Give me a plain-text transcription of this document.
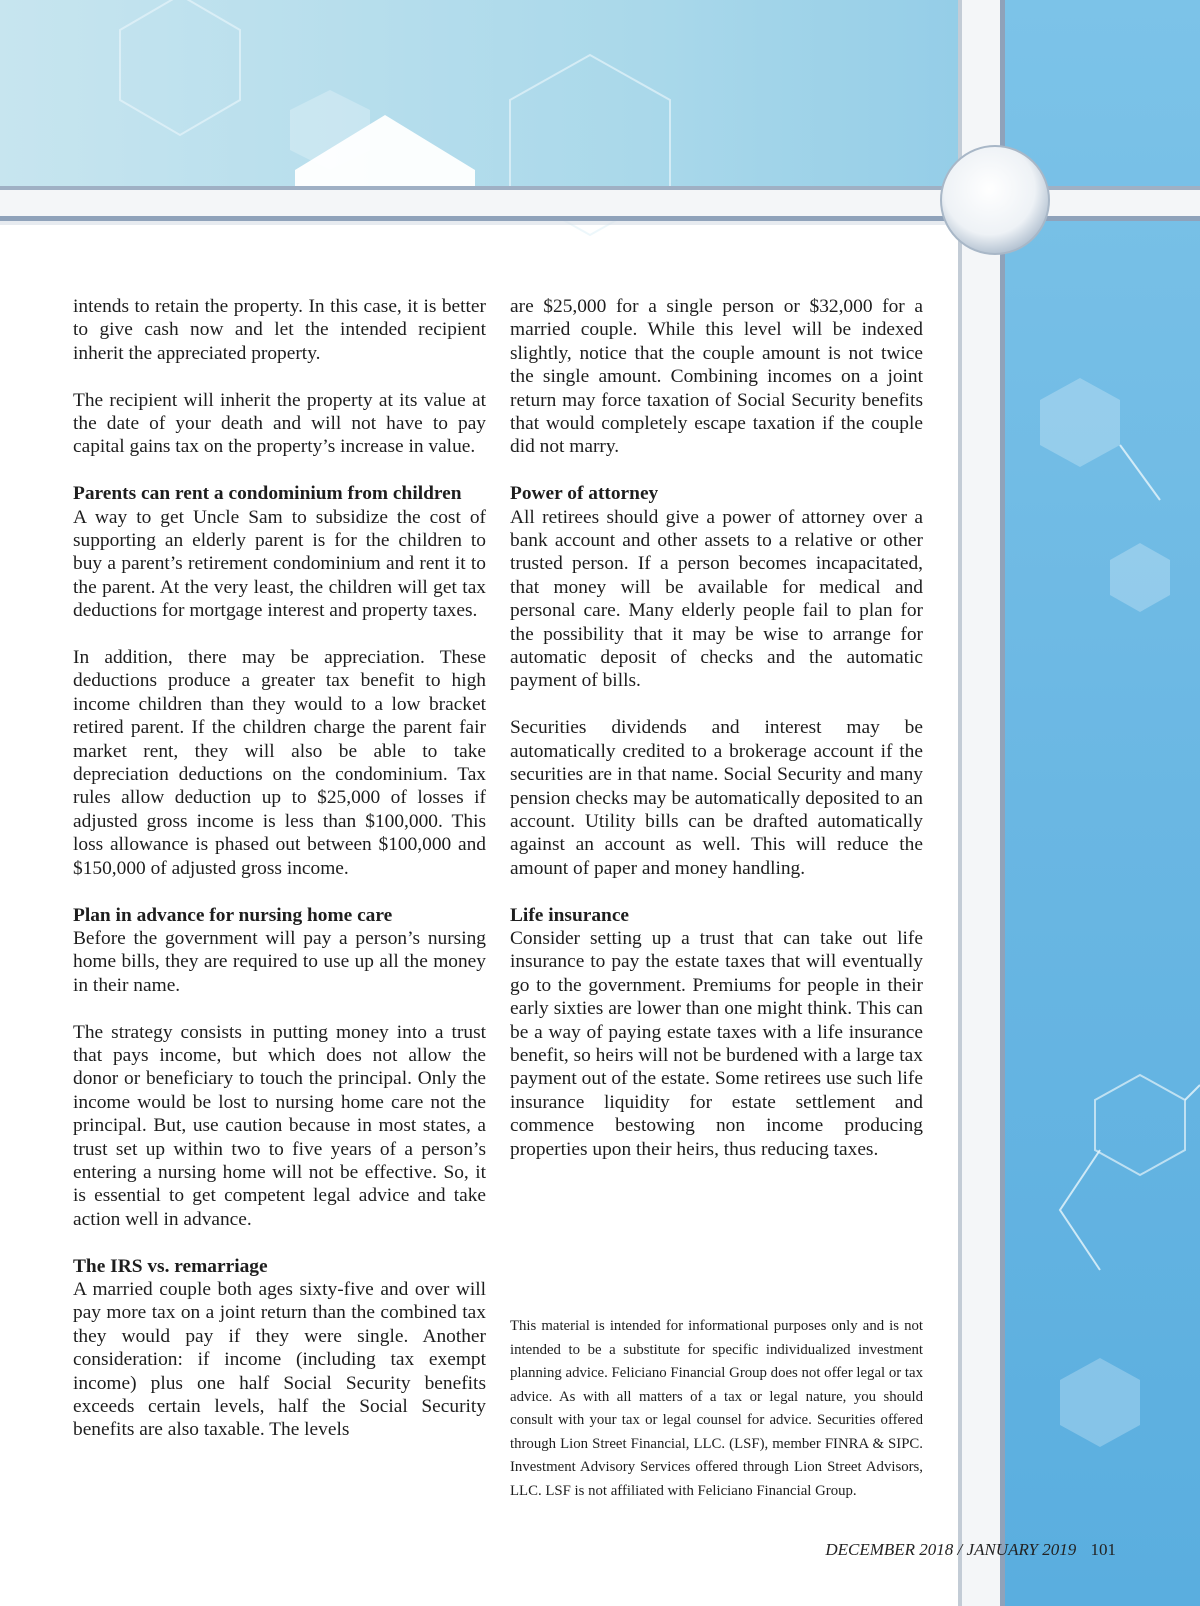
intends to retain the property. In this case, it is better to give cash now and let the intended recipient inherit the appreciated property.

The recipient will inherit the property at its value at the date of your death and will not have to pay capital gains tax on the property’s increase in value.

Parents can rent a condominium from children

A way to get Uncle Sam to subsidize the cost of supporting an elderly parent is for the children to buy a parent’s retirement condominium and rent it to the parent. At the very least, the children will get tax deductions for mortgage interest and property taxes.

In addition, there may be appreciation. These deductions produce a greater tax benefit to high income children than they would to a low bracket retired parent. If the children charge the parent fair market rent, they will also be able to take depreciation deductions on the condominium. Tax rules allow deduction up to $25,000 of losses if adjusted gross income is less than $100,000. This loss allowance is phased out between $100,000 and $150,000 of adjusted gross income.

Plan in advance for nursing home care

Before the government will pay a person’s nursing home bills, they are required to use up all the money in their name.

The strategy consists in putting money into a trust that pays income, but which does not allow the donor or beneficiary to touch the principal. Only the income would be lost to nursing home care not the principal. But, use caution because in most states, a trust set up within two to five years of a person’s entering a nursing home will not be effective. So, it is essential to get competent legal advice and take action well in advance.

The IRS vs. remarriage

A married couple both ages sixty-five and over will pay more tax on a joint return than the combined tax they would pay if they were single. Another consideration: if income (including tax exempt income) plus one half Social Security benefits exceeds certain levels, half the Social Security benefits are also taxable. The levels

are $25,000 for a single person or $32,000 for a married couple. While this level will be indexed slightly, notice that the couple amount is not twice the single amount. Combining incomes on a joint return may force taxation of Social Security benefits that would completely escape taxation if the couple did not marry.

Power of attorney

All retirees should give a power of attorney over a bank account and other assets to a relative or other trusted person. If a person becomes incapacitated, that money will be available for medical and personal care. Many elderly people fail to plan for the possibility that it may be wise to arrange for automatic deposit of checks and the automatic payment of bills.

Securities dividends and interest may be automatically credited to a brokerage account if the securities are in that name. Social Security and many pension checks may be automatically deposited to an account. Utility bills can be drafted automatically against an account as well. This will reduce the amount of paper and money handling.

Life insurance

Consider setting up a trust that can take out life insurance to pay the estate taxes that will eventually go to the government. Premiums for people in their early sixties are lower than one might think. This can be a way of paying estate taxes with a life insurance benefit, so heirs will not be burdened with a large tax payment out of the estate. Some retirees use such life insurance liquidity for estate settlement and commence bestowing non income producing properties upon their heirs, thus reducing taxes.

This material is intended for informational purposes only and is not intended to be a substitute for specific individualized investment planning advice. Feliciano Financial Group does not offer legal or tax advice. As with all matters of a tax or legal nature, you should consult with your tax or legal counsel for advice. Securities offered through Lion Street Financial, LLC. (LSF), member FINRA & SIPC. Investment Advisory Services offered through Lion Street Advisors, LLC. LSF is not affiliated with Feliciano Financial Group.

DECEMBER 2018 / JANUARY 2019 101
